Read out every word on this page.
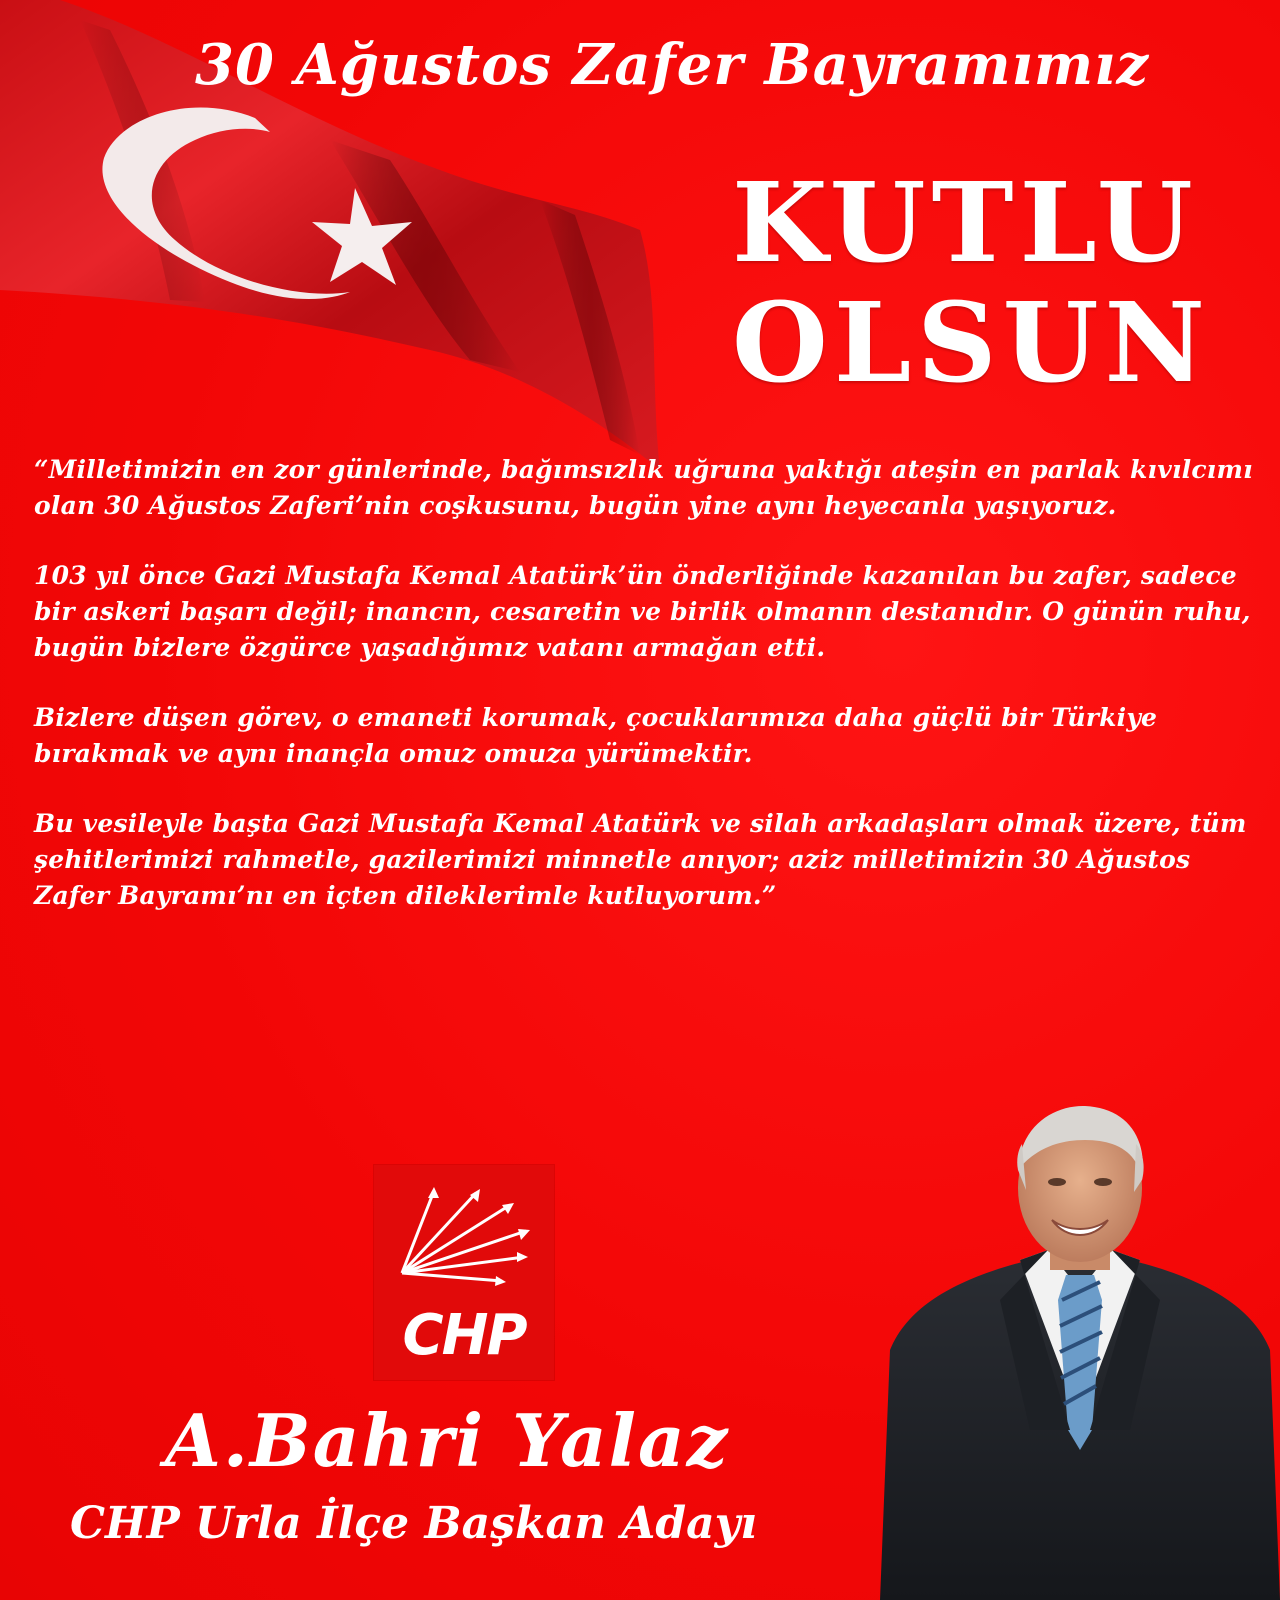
30 Ağustos Zafer Bayramımız
KUTLU
OLSUN

“Milletimizin en zor günlerinde, bağımsızlık uğruna yaktığı ateşin en parlak kıvılcımı olan 30 Ağustos Zaferi’nin coşkusunu, bugün yine aynı heyecanla yaşıyoruz.

103 yıl önce Gazi Mustafa Kemal Atatürk’ün önderliğinde kazanılan bu zafer, sadece bir askeri başarı değil; inancın, cesaretin ve birlik olmanın destanıdır. O günün ruhu, bugün bizlere özgürce yaşadığımız vatanı armağan etti.

Bizlere düşen görev, o emaneti korumak, çocuklarımıza daha güçlü bir Türkiye bırakmak ve aynı inançla omuz omuza yürümektir.

Bu vesileyle başta Gazi Mustafa Kemal Atatürk ve silah arkadaşları olmak üzere, tüm şehitlerimizi rahmetle, gazilerimizi minnetle anıyor; aziz milletimizin 30 Ağustos Zafer Bayramı’nı en içten dileklerimle kutluyorum.”

CHP
A.Bahri Yalaz
CHP Urla İlçe Başkan Adayı
